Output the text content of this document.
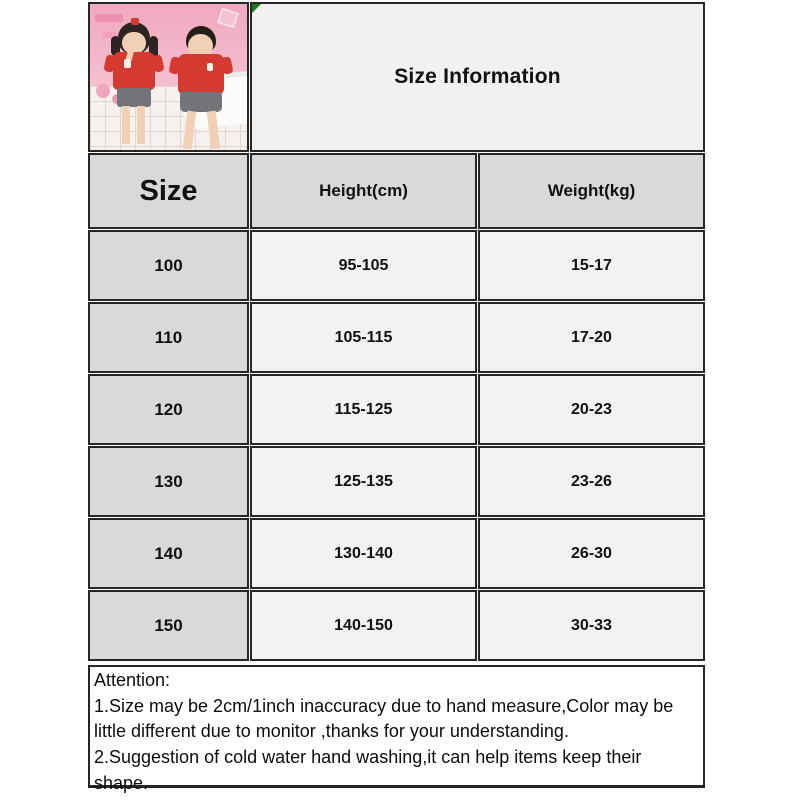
Size Information
Size	Height(cm)	Weight(kg)
100	95-105	15-17
110	105-115	17-20
120	115-125	20-23
130	125-135	23-26
140	130-140	26-30
150	140-150	30-33
Attention:

1.Size may be 2cm/1inch inaccuracy due to hand measure,Color may be little different due to monitor ,thanks for your understanding.

2.Suggestion of cold water hand washing,it can help items keep their shape.
